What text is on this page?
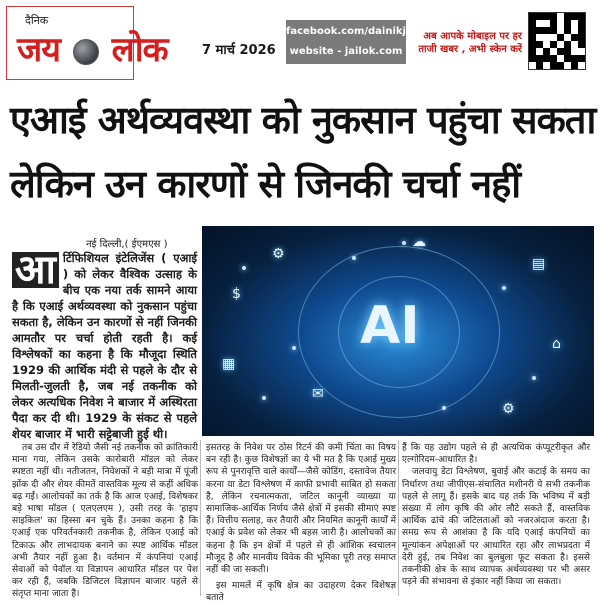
दैनिक
जय लोक	7 मार्च 2026
facebook.com/dainikjailok
website - jailok.com
अब आपके मोबाइल पर हर
ताजी खबर , अभी स्केन करें
एआई अर्थव्यवस्था को नुकसान पहुंचा सकता
लेकिन उन कारणों से जिनकी चर्चा नहीं
नई दिल्ली,( ईएमएस )
आ र्टिफिशियल इंटेलिजेंस ( एआई ) को लेकर वैश्विक उत्साह के बीच एक नया तर्क सामने आया है कि एआई अर्थव्यवस्था को नुकसान पहुंचा सकता है, लेकिन उन कारणों से नहीं जिनकी आमतौर पर चर्चा होती रहती है। कई विश्लेषकों का कहना है कि मौजूदा स्थिति 1929 की आर्थिक मंदी से पहले के दौर से मिलती-जुलती है, जब नई तकनीक को लेकर अत्यधिक निवेश ने बाजार में अस्थिरता पैदा कर दी थी। 1929 के संकट से पहले शेयर बाजार में भारी सट्टेबाजी हुई थी।
AI
$
⚙
☁
▤
⌂
✉
⚙
▦
तब उस दौर में रेडियो जैसी नई तकनीक को क्रांतिकारी माना गया, लेकिन उसके कारोबारी मॉडल को लेकर स्पष्टता नहीं थी। नतीजतन, निवेशकों ने बड़ी मात्रा में पूंजी झोंक दी और शेयर कीमतें वास्तविक मूल्य से कहीं अधिक बढ़ गईं। आलोचकों का तर्क है कि आज एआई, विशेषकर बड़े भाषा मॉडल ( एलएलएम ), उसी तरह के 'हाइप साइकिल' का हिस्सा बन चुके हैं। उनका कहना है कि एआई एक परिवर्तनकारी तकनीक है, लेकिन एआई को टिकाऊ और लाभदायक बनाने का स्पष्ट आर्थिक मॉडल अभी तैयार नहीं हुआ है। वर्तमान में कंपनियां एआई सेवाओं को पेवॉल या विज्ञापन आधारित मॉडल पर पेश कर रही हैं, जबकि डिजिटल विज्ञापन बाजार पहले से संतृप्त माना जाता है।
इसतरह के निवेश पर ठोस रिटर्न की कमी चिंता का विषय बन रही है। कुछ विशेषज्ञों का ये भी मत है कि एआई मुख्य रूप से पुनरावृत्ति वाले कार्यों—जैसे कोडिंग, दस्तावेज तैयार करना या डेटा विश्लेषण में काफी प्रभावी साबित हो सकता है, लेकिन रचनात्मकता, जटिल कानूनी व्याख्या या सामाजिक-आर्थिक निर्णय जैसे क्षेत्रों में इसकी सीमाएं स्पष्ट हैं। वित्तीय सलाह, कर तैयारी और नियमित कानूनी कार्यों में एआई के प्रवेश को लेकर भी बहस जारी है। आलोचकों का कहना है कि इन क्षेत्रों में पहले से ही आंशिक स्वचालन मौजूद है और मानवीय विवेक की भूमिका पूरी तरह समाप्त नहीं की जा सकती।
इस मामलें में कृषि क्षेत्र का उदाहरण देकर विशेषज्ञ बताते
हैं कि यह उद्योग पहले से ही अत्यधिक कंप्यूटरीकृत और एल्गोरिदम-आधारित है।
जलवायु डेटा विश्लेषण, बुवाई और कटाई के समय का निर्धारण तथा जीपीएस-संचालित मशीनरी ये सभी तकनीक पहले से लागू हैं। इसके बाद यह तर्क कि भविष्य में बड़ी संख्या में लोग कृषि की ओर लौटे सकते हैं, वास्तविक आर्थिक ढांचे की जटिलताओं को नजरअंदाज करता है। समग्र रूप से आशंका है कि यदि एआई कंपनियों का मूल्यांकन अपेक्षाओं पर आधारित रहा और लाभप्रदता में देरी हुई, तब निवेश का बुलबुला फूट सकता है। इससे तकनीकी क्षेत्र के साथ व्यापक अर्थव्यवस्था पर भी असर पड़ने की संभावना से इंकार नहीं किया जा सकता।
